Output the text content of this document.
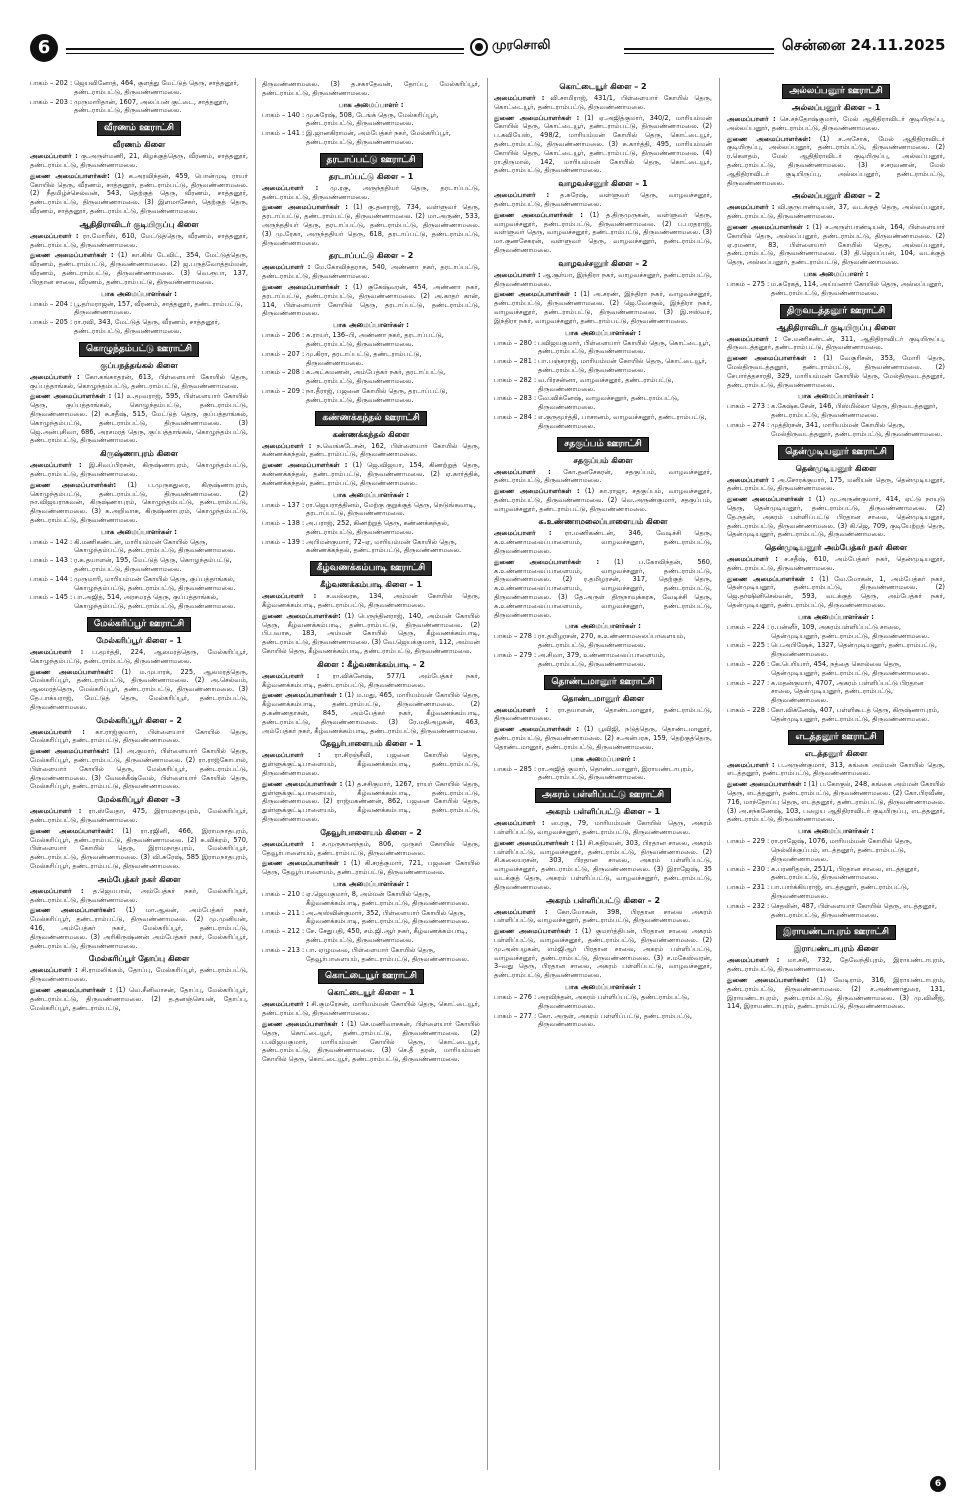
6	முரசொலி	சென்னை 24.11.2025
பாகம் – 202 : ஜெயவினோத், 464, குளத்து மேட்டுத் தெரு, சாத்தனூர், தண்டராம்பட்டு, திருவண்ணாமலை.
பாகம் – 203 : முருமாரிதான், 1607, அலப்பன் குட்டை, சாத்தனூர், தண்டராம்பட்டு, திருவண்ணாமலை.
வீரணம் ஊராட்சி
வீரணம் கிளை
அமைப்பாளர் : கு.அருள்மணி, 21, கிழக்குத்தெரு, வீரணம், சாத்தனூர், தண்டராம்பட்டு, திருவண்ணாமலை.
துணை அமைப்பாளர்கள்: (1) க.அரவிந்தன், 459, பொன்முடி ராயர் கோயில் தெரு, வீரணம், சாத்தனூர், தண்டராம்பட்டு, திருவண்ணாமலை. (2) நீதமிழ்ச்செல்வன், 543, தெற்குத் தெரு, வீரணம், சாத்தனூர், தண்டராம்பட்டு, திருவண்ணாமலை. (3) இளமாசேகர், தெற்குத் தெரு, வீரணம், சாத்தனூர், தண்டராம்பட்டு, திருவண்ணாமலை.
ஆதிதிராவிடர் குடியிருப்பு கிளை
அமைப்பாளர் : ரா.மோரீஸ், 610, மேட்டுத்தெரு, வீரணம், சாத்தனூர், தண்டராம்பட்டு, திருவண்ணாமலை.
துணை அமைப்பாளர்கள் : (1) கா.கிங் டேவிட், 354, மேட்டுத்தெரு, வீரணம், தண்டராம்பட்டு, திருவண்ணாமலை. (2) ஜ.பருத்வோத்தம்மன், வீரணம், தண்டராம்பட்டு, திருவண்ணாமலை. (3) வெ.ரூபா, 137, பிரதான சாலை, வீரணம், தண்டராம்பட்டு, திருவண்ணாமலை.
பாக அமைப்பாளர்கள் :
பாகம் – 204 : பூ.தர்மராஜன், 157, வீரணம், சாத்தனூர், தண்டராம்பட்டு, திருவண்ணாமலை.
பாகம் – 205 : ரா.ரவி, 343, மேட்டுத் தெரு, வீரணம், சாத்தனூர், தண்டராம்பட்டு, திருவண்ணாமலை.
கொழுந்தம்பட்டு ஊராட்சி
குப்பநத்தங்கல் கிளை
அமைப்பாளர் : கோ.கங்காதரன், 613, பிள்ளையார் கோயில் தெரு, குப்பத்தாங்கல், கொழுந்தம்பட்டு, தண்டராம்பட்டு, திருவண்ணாமலை.
துணை அமைப்பாளர்கள் : (1) உ.மூவராஜ், 595, பிள்ளையார் கோயில் தெரு, குப்பத்தாங்கல், கொழுந்தம்பட்டு, தண்டராம்பட்டு, திருவண்ணாமலை. (2) சு.சதீஷ், 515, மேட்டுத் தெரு, குப்பத்தாங்கல், கொழுந்தம்பட்டு, தண்டராம்பட்டு, திருவண்ணாமலை. (3) ஜெ.அன்புசிவா, 686, அரசமரத் தெரு, குப்பத்தாங்கல், கொழுந்தம்பட்டு, தண்டராம்பட்டு, திருவண்ணாமலை.
கிருஷ்ணாபுரம் கிளை
அமைப்பாளர் : இ.சிவப்பிரசன், கிருஷ்ணாபுரம், கொழுந்தம்பட்டு, தண்டராம்பட்டு, திருவண்ணாமலை.
துணை அமைப்பாளர்கள்: (1) ப.முருகதுரை, கிருஷ்ணாபுரம், கொழுந்தம்பட்டு, தண்டராம்பட்டு, திருவண்ணாமலை. (2) நா.விஜயராகவன், கிருஷ்ணாபுரம், கொழுந்தம்பட்டு, தண்டராம்பட்டு, திருவண்ணாமலை. (3) க.அறிவாசு, கிருஷ்ணாபுரம், கொழுந்தம்பட்டு, தண்டராம்பட்டு, திருவண்ணாமலை.
பாக அமைப்பாளர்கள் :
பாகம் – 142 : கி.மணிகண்டன், மாரியம்மன் கோயில் தெரு, கொழுந்தம்பட்டு, தண்டராம்பட்டு, திருவண்ணாமலை.
பாகம் – 143 : ர.க.தயாளன், 195, மேட்டுத் தெரு, கொழுந்தம்பட்டு, தண்டராம்பட்டு, திருவண்ணாமலை.
பாகம் – 144 : முருமாரி, மாரியம்மன் கோயில் தெரு, குப்பத்தாங்கல், கொழுந்தம்பட்டு, தண்டராம்பட்டு, திருவண்ணாமலை.
பாகம் – 145 : பா.அஜித், 514, அரசமரத் தெரு, குப்பத்தாங்கல், கொழுந்தம்பட்டு, தண்டராம்பட்டு, திருவண்ணாமலை.
மேல்கரிப்பூர் ஊராட்சி
மேல்கரிப்பூர் கிளை – 1
அமைப்பாளர் : ப.மூர்த்தி, 224, ஆலமரத்தெரு, மேல்கரிப்பூர், கொழுந்தம்பட்டு, தண்டராம்பட்டு, திருவண்ணாமலை.
துணை அமைப்பாளர்கள்: (1) ம.முபாரக், 225, ஆலமரத்தெரு, மேல்கரிப்பூர், தண்டராம்பட்டு, திருவண்ணாமலை. (2) அ.செல்வம், ஆலமரத்தெரு, மேல்கரிப்பூர், தண்டராம்பட்டு, திருவண்ணாமலை. (3) தே.பாக்யராஜ், மேட்டுத் தெரு, மேல்கரிப்பூர், தண்டராம்பட்டு, திருவண்ணாமலை.
மேல்கரிப்பூர் கிளை – 2
அமைப்பாளர் : கா.ராஜ்குமார், பிள்ளையார் கோயில் தெரு, மேல்கரிப்பூர், தண்டராம்பட்டு, திருவண்ணாமலை.
துணை அமைப்பாளர்கள்: (1) அ.குமார், பிள்ளையார் கோயில் தெரு, மேல்கரிப்பூர், தண்டராம்பட்டு, திருவண்ணாமலை. (2) ரா.ராஜ்கோபால், பிள்ளையார் கோயில் தெரு, மேல்கரிப்பூர், தண்டராம்பட்டு, திருவண்ணாமலை. (3) வேலக்கீஷ்வேல், பிள்ளையார் கோயில் தெரு, மேல்கரிப்பூர், தண்டராம்பட்டு, திருவண்ணாமலை.
மேல்கரிப்பூர் கிளை –3
அமைப்பாளர் : ரா.ஸ்வேதா, 475, இராமநாதபுரம், மேல்கரிப்பூர், தண்டராம்பட்டு, திருவண்ணாமலை.
துணை அமைப்பாளர்கள்: (1) ரா.ரஜினி, 466, இராமநாதபுரம், மேல்கரிப்பூர், தண்டராம்பட்டு, திருவண்ணாமலை. (2) சு.விக்ரம், 570, பிள்ளையார் கோயில் தெரு, இராமநாதபுரம், மேல்கரிப்பூர், தண்டராம்பட்டு, திருவண்ணாமலை. (3) வி.சுரேஷ், 585 இராமநாதபுரம், மேல்கரிப்பூர், தண்டராம்பட்டு, திருவண்ணாமலை.
அம்பேத்கர் நகர் கிளை
அமைப்பாளர் : த.ஜெயபால், அம்பேத்கர் நகர், மேல்கரிப்பூர், தண்டராம்பட்டு, திருவண்ணாமலை.
துணை அமைப்பாளர்கள்: (1) மா.ஆலன், அம்பேத்கர் நகர், மேல்கரிப்பூர், தண்டராம்பட்டு, திருவண்ணாமலை. (2) மு.முனியன், 416, அம்பேத்கர் நகர், மேல்கரிப்பூர், தண்டராம்பட்டு, திருவண்ணாமலை. (3) அரிகிருஷ்ணன் அம்பேத்கர் நகர், மேல்கரிப்பூர், தண்டராம்பட்டு, திருவண்ணாமலை.
மேல்கரிப்பூர் தோப்பு கிளை
அமைப்பாளர் : சி.ராமலிங்கம், தோப்பு, மேல்கரிப்பூர், தண்டராம்பட்டு, திருவண்ணாமலை.
துணை அமைப்பாளர்கள் : (1) வெ.சீனிவாசன், தோப்பு, மேல்கரிப்பூர், தண்டராம்பட்டு, திருவண்ணாமலை. (2) த.தனஞ்செயன், தோப்பு, மேல்கரிப்பூர், தண்டராம்பட்டு,
திருவண்ணாமலை. (3) த.சகாதேவன், தோப்பு, மேல்கரிப்பூர், தண்டராம்பட்டு, திருவண்ணாமலை.
பாக அமைப்பாளர் :
பாகம் – 140 : மு.சுரேஷ், 508, டேங்க் தெரு, மேல்கரிப்பூர், தண்டராம்பட்டு, திருவண்ணாமலை.
பாகம் – 141 : இ.ஜானகிராமன், அம்பேத்கர் நகர், மேல்கரிப்பூர், தண்டராம்பட்டு, திருவண்ணாமலை.
தரடாப்பட்டு ஊராட்சி
தரடாப்பட்டு கிளை – 1
அமைப்பாளர் : மு.ரகு, அருந்ததியர் தெரு, தரடாப்பட்டு, தண்டராம்பட்டு, திருவண்ணாமலை.
துணை அமைப்பாளர்கள் : (1) கு.தனராஜ், 734, வள்ளுவர் தெரு, தரடாப்பட்டு, தண்டராம்பட்டு, திருவண்ணாமலை. (2) மா.அருண், 533, அருந்ததியர் தெரு, தரடாப்பட்டு, தண்டராம்பட்டு, திருவண்ணாமலை. (3) மு.ரேகா, அருந்ததியர் தெரு, 618, தரடாப்பட்டு, தண்டராம்பட்டு, திருவண்ணாமலை.
தரடாப்பட்டு கிளை – 2
அமைப்பாளர் : மே.கோவிந்தராசு, 540, அண்ணா நகர், தரடாப்பட்டு, தண்டராம்பட்டு, திருவண்ணாமலை.
துணை அமைப்பாளர்கள் : (1) குகேஷ்வரன், 454, அண்ணா நகர், தரடாப்பட்டு, தண்டராம்பட்டு, திருவண்ணாமலை. (2) அ.காதர் கான், 114, பிள்ளையார் கோயில் தெரு, தரடாப்பட்டு, தண்டராம்பட்டு, திருவண்ணாமலை.
பாக அமைப்பாளர்கள் :
பாகம் – 206 : சு.ராயர், 136–பி, அண்ணா நகர், தரடாப்பட்டு, தண்டராம்பட்டு, திருவண்ணாமலை.
பாகம் – 207 : மு.கிரா, தரடாப்பட்டு, தண்டராம்பட்டு, திருவண்ணாமலை.
பாகம் – 208 : க.அட்சுமணன், அம்பேத்கர் நகர், தரடாப்பட்டு, தண்டராம்பட்டு, திருவண்ணாமலை.
பாகம் – 209 : நா.தீராஜ், பஜனை கோயில் தெரு, தரடாப்பட்டு, தண்டராம்பட்டு, திருவண்ணாமலை.
கண்ணக்கந்தல் ஊராட்சி
கண்ணக்கந்தல் கிளை
அமைப்பாளர் : ந.வெங்கடேசன், 162, பிள்ளையார் கோயில் தெரு, கண்ணக்கந்தல், தண்டராம்பட்டு, திருவண்ணாமலை.
துணை அமைப்பாளர்கள் : (1) ஜெ.விஜயா, 154, கிணற்றுத் தெரு, கண்ணக்கந்தல், தண்டராம்பட்டு, திருவண்ணாமலை. (2) ஏ.கார்த்திக், கண்ணக்கந்தல், தண்டராம்பட்டு, திருவண்ணாமலை.
பாக அமைப்பாளர்கள் :
பாகம் – 137 : ரா.ஜெயராத்தினம், மேற்கு குறுக்குத் தெரு, நெடுங்கவாடி, தரடாப்பட்டு, திருவண்ணாமலை.
பாகம் – 138 : அ.பராஜ், 252, கிணற்றுத் தெரு, கண்ணக்கந்தல், தண்டராம்பட்டு, திருவண்ணாமலை.
பாகம் – 139 : அபிமன்குமார், 72–ஏ, மாரியம்மன் கோயில் தெரு, கண்ணக்கந்தல், தண்டராம்பட்டு, திருவண்ணாமலை.
கீழ்வணக்கம்பாடி ஊராட்சி
கீழ்வணக்கம்பாடி கிளை – 1
அமைப்பாளர் : ச.வல்லரசு, 134, அம்மன் கோயில் தெரு, கீழ்வணக்கம்பாடி, தண்டராம்பட்டு, திருவண்ணாமலை.
துணை அமைப்பாளர்கள்: (1) பெருந்தினராஜ், 140, அம்மன் கோயில் தெரு, கீழ்வணக்கம்பாடி, தண்டராம்பட்டு, திருவண்ணாமலை. (2) பி.பவாசு, 183, அம்மன் கோயில் தெரு, கீழ்வணக்கம்பாடி, தண்டராம்பட்டு, திருவண்ணாமலை. (3) வே.ஜெயக்குமார், 112, அம்மன் கோயில் தெரு, கீழ்வணக்கம்பாடி, தண்டராம்பட்டு, திருவண்ணாமலை.
கிளை : கீழ்வணக்கம்பாடி – 2
அமைப்பாளர் : ரா.விக்னேஷ், 577/1 அம்பேத்கர் நகர், கீழ்வணக்கம்பாடி, தண்டராம்பட்டு, திருவண்ணாமலை.
துணை அமைப்பாளர்கள் : (1) ம.மது, 465, மாரியம்மன் கோயில் தெரு, கீழ்வணக்கம்பாடி, தண்டராம்பட்டு, திருவண்ணாமலை. (2) த.கண்ணதாசன், 845, அம்பேத்கர் நகர், கீழ்வணக்கம்பாடி, தண்டராம்பட்டு, திருவண்ணாமலை. (3) ரே.மதிஅழகன், 463, அம்பேத்கர் நகர், கீழ்வணக்கம்பாடி, தண்டராம்பட்டு, திருவண்ணாமலை.
தேவூர்பாளையம் கிளை – 1
அமைப்பாளர் : ரா.சிரஞ்சீவி, பஜனை கோயில் தெரு, துள்ளுக்குட்டிபாளையம், கீழ்வணக்கம்பாடி, தண்டராம்பட்டு, திருவண்ணாமலை.
துணை அமைப்பாளர்கள் : (1) த.சசிகுமார், 1267, ராயர் கோயில் தெரு, துள்ளுக்குட்டிபாளையம், கீழ்வணக்கம்பாடி, தண்டராம்பட்டு, திருவண்ணாமலை. (2) ராஜ்மகண்ணன், 862, பஜனை கோயில் தெரு, துள்ளுக்குட்டிபாளையம், கீழ்வணக்கம்பாடி, தண்டராம்பட்டு, திருவண்ணாமலை.
தேவூர்பாளையம் கிளை – 2
அமைப்பாளர் : ச.முருகானந்தம், 806, முருகர் கோயில் தெரு, தேவூர்பாளையம், தண்டராம்பட்டு, திருவண்ணாமலை.
துணை அமைப்பாளர்கள் : (1) கி.சரத்குமார், 721, பஜனை கோயில் தெரு, தேவூர்பாளையம், தண்டராம்பட்டு, திருவண்ணாமலை.
பாக அமைப்பாளர்கள் :
பாகம் – 210 : ஏ.ஜெயகுமார், 8, அம்மன் கோயில் தெரு, கீழ்வணக்கம்பாடி, தண்டராம்பட்டு, திருவண்ணாமலை.
பாகம் – 211 : அ.அஸ்வின்குமார், 352, பிள்ளையார் கோயில் தெரு, கீழ்வணக்கம்பாடி, தண்டராம்பட்டு, திருவண்ணாமலை.
பாகம் – 212 : சே. சேதுபதி, 450, சம்.ஜி.ஆர் நகர், கீழ்வணக்கம்பாடி, தண்டராம்பட்டு, திருவண்ணாமலை.
பாகம் – 213 : பா. ஏழுமலை, பிள்ளையார் கோயில் தெரு, தேவூர்பாளையம், தண்டராம்பட்டு, திருவண்ணாமலை.
கொட்டையூர் ஊராட்சி
கொட்டையூர் கிளை – 1
அமைப்பாளர் : சி.குமரேசன், மாரியம்மன் கோயில் தெரு, கொட்டையூர், தண்டராம்பட்டு, திருவண்ணாமலை.
துணை அமைப்பாளர்கள் : (1) செ.மணிவாசகன், பிள்ளையார் கோயில் தெரு, கொட்டையூர், தண்டராம்பட்டு, திருவண்ணாமலை. (2) ப.விஜயகுமார், மாரியம்மன் கோயில் தெரு, கொட்டையூர், தண்டராம்பட்டு, திருவண்ணாமலை. (3) செ.தீ தரன், மாரியம்மன் கோயில் தெரு, கொட்டையூர், தண்டராம்பட்டு, திருவண்ணாமலை.
கொட்டையூர் கிளை – 2
அமைப்பாளர் : வி.சாமிராஜ், 431/1, பிள்ளையார் கோயில் தெரு, கொட்டையூர், தண்டராம்பட்டு, திருவண்ணாமலை.
துணை அமைப்பாளர்கள் : (1) ஏ.அஜித்குமார், 340/2, மாரியம்மன் கோயில் தெரு, கொட்டையூர், தண்டராம்பட்டு, திருவண்ணாமலை. (2) ப.கவியேஸ், 498/2, மாரியம்மன் கோயில் தெரு, கொட்டையூர், தண்டராம்பட்டு, திருவண்ணாமலை. (3) சு.கார்த்தி, 495, மாரியம்மன் கோயில் தெரு, கொட்டையூர், தண்டராம்பட்டு, திருவண்ணாமலை. (4) ரா.திருமால், 142, மாரியம்மன் கோயில் தெரு, கொட்டையூர், தண்டராம்பட்டு, திருவண்ணாமலை.
வாழவச்சனூர் கிளை – 1
அமைப்பாளர் : த.சுரேஷ், வள்ளுவர் தெரு, வாழவச்சனூர், தண்டராம்பட்டு, திருவண்ணாமலை.
துணை அமைப்பாளர்கள் : (1) த.திருமுருகன், வள்ளுவர் தெரு, வாழவச்சனூர், தண்டராம்பட்டு, திருவண்ணாமலை. (2) ப.பரதராஜ், வள்ளுவர் தெரு, வாழவச்சனூர், தண்டராம்பட்டு, திருவண்ணாமலை. (3) மா.குணசேகரன், வள்ளுவர் தெரு, வாழவச்சனூர், தண்டராம்பட்டு, திருவண்ணாமலை.
வாழவச்சனூர் கிளை – 2
அமைப்பாளர் : ஆ.சூர்யா, இந்திரா நகர், வாழவச்சனூர், தண்டராம்பட்டு, திருவண்ணாமலை.
துணை அமைப்பாளர்கள் : (1) அ.சரண், இந்திரா நகர், வாழவச்சனூர், தண்டராம்பட்டு, திருவண்ணாமலை. (2) ஜெ.வேசகுல், இந்திரா நகர், வாழவச்சனூர், தண்டராம்பட்டு, திருவண்ணாமலை. (3) இ.ஈஸ்வர், இந்திரா நகர், வாழவச்சனூர், தண்டராம்பட்டு, திருவண்ணாமலை.
பாக அமைப்பாளர்கள் :
பாகம் – 280 : பவிஜயகுமார், பிள்ளையார் கோயில் தெரு, கொட்டையூர், தண்டராம்பட்டு, திருவண்ணாமலை.
பாகம் – 281 : பா.பஞ்சராஜ், மாரியம்மன் கோயில் தெரு, கொட்டையூர், தண்டராம்பட்டு, திருவண்ணாமலை.
பாகம் – 282 : வ.பிரசன்னா, வாழவச்சனூர், தண்டராம்பட்டு, திருவண்ணாமலை.
பாகம் – 283 : வே.விக்னேஷ், வாழவச்சனூர், தண்டராம்பட்டு, திருவண்ணாமலை.
பாகம் – 284 : எ.குருமூர்த்தி, பாசானம், வாழவச்சனூர், தண்டராம்பட்டு, திருவண்ணாமலை.
சதகுப்பம் ஊராட்சி
சதகுப்பம் கிளை
அமைப்பாளர் : கோ.தனசேகரன், சதகுப்பம், வாழவச்சனூர், தண்டராம்பட்டு, திருவண்ணாமலை.
துணை அமைப்பாளர்கள் : (1) கா.ராஜா, சதகுப்பம், வாழவச்சனூர், தண்டராம்பட்டு, திருவண்ணாமலை. (2) வெ.அருண்குமார், சதகுப்பம், வாழவச்சனூர், தண்டராம்பட்டு, திருவண்ணாமலை.
க.உண்ணாமலைப்பாளையம் கிளை
அமைப்பாளர் : ரா.மணிகண்டன், 346, வேடிச்சி தெரு, க.உண்ணாமலைப்பாளையம், வாழவச்சனூர், தண்டராம்பட்டு, திருவண்ணாமலை.
துணை அமைப்பாளர்கள் : (1) ப.கோவிந்தன், 560, க.உண்ணாமலைப்பாளையம், வாழவச்சனூர், தண்டராம்பட்டு, திருவண்ணாமலை. (2) ர.தமிழரசன், 317, தெற்குத் தெரு, க.உண்ணாமலைப்பாளையம், வாழவச்சனூர், தண்டராம்பட்டு, திருவண்ணாமலை. (3) தே.அருள் திருநாவுக்கரசு, வேடிச்சி தெரு, க.உண்ணாமலைப்பாளையம், வாழவச்சனூர், தண்டராம்பட்டு, திருவண்ணாமலை.
பாக அமைப்பாளர்கள் :
பாகம் – 278 : ரா.தமிழரசன், 270, க.உண்ணாமலைப்பாளையம், தண்டராம்பட்டு, திருவண்ணாமலை.
பாகம் – 279 : அ.சிவா, 379, உண்ணாமலைப்பாளையம், தண்டராம்பட்டு, திருவண்ணாமலை.
தொண்டமானூர் ஊராட்சி
தொண்டமானூர் கிளை
அமைப்பாளர் : ரா.தயாளன், தொண்டமானூர், தண்டராம்பட்டு, திருவண்ணாமலை.
துணை அமைப்பாளர்கள் : (1) பூவிஜி, நடுத்தெரு, தொண்டமானூர், தண்டராம்பட்டு, திருவண்ணாமலை. (2) ச.அன்பரசு, 159, தெற்குத்தெரு, தொண்டமானூர், தண்டராம்பட்டு, திருவண்ணாமலை.
பாக அமைப்பாளர் :
பாகம் – 285 : ரா.அஜித் குமார், தொண்டமானூர், இராயண்டாபுரம், தண்டராம்பட்டு, திருவண்ணாமலை.
அகரம் பள்ளிப்பட்டு ஊராட்சி
அகரம் பள்ளிப்பட்டு கிளை – 1
அமைப்பாளர் : ஸ.ரகு, 79, மாரியம்மன் கோயில் தெரு, அகரம் பள்ளிப்பட்டு, வாழவச்சனூர், தண்டராம்பட்டு, திருவண்ணாமலை.
துணை அமைப்பாளர்கள் : (1) சி.சுதிரவன், 303, பிரதான சாலை, அகரம் பள்ளிப்பட்டு, வாழவச்சனூர், தண்டராம்பட்டு, திருவண்ணாமலை. (2) சி.கலையரசன், 303, பிரதான சாலை, அகரம் பள்ளிப்பட்டு, வாழவச்சனூர், தண்டராம்பட்டு, திருவண்ணாமலை. (3) இராஜேஷ், 35 வடக்குத் தெரு, அகரம் பள்ளிப்பட்டு, வாழவச்சனூர், தண்டராம்பட்டு, திருவண்ணாமலை.
அகரம் பள்ளிப்பட்டு கிளை – 2
அமைப்பாளர் : கோ.மோகன், 398, பிரதான சாலை அகரம் பள்ளிப்பட்டு, வாழவச்சனூர், தண்டராம்பட்டு, திருவண்ணாமலை.
துணை அமைப்பாளர்கள் : (1) குமார்த்திபன், பிரதான சாலை அகரம் பள்ளிப்பட்டு, வாழவச்சனூர், தண்டராம்பட்டு, திருவண்ணாமலை. (2) மு.அன்பழகன், எம்ஜிஆர் பிரதான சாலை, அகரம் பள்ளிப்பட்டு, வாழவச்சனூர், தண்டராம்பட்டு, திருவண்ணாமலை. (3) ச.மகேஸ்வரன், 3–வது தெரு, பிரதான சாலை, அகரம் பள்ளிப்பட்டு, வாழவச்சனூர், தண்டராம்பட்டு, திருவண்ணாமலை.
பாக அமைப்பாளர்கள் :
பாகம் – 276 : அரவிந்தன், அகரம் பள்ளிப்பட்டு, தண்டராம்பட்டு, திருவண்ணாமலை.
பாகம் – 277 : கோ. அருள், அகரம் பள்ளிப்பட்டு, தண்டராம்பட்டு, திருவண்ணாமலை.
அல்லப்பனூர் ஊராட்சி
அல்லப்பனூர் கிளை – 1
அமைப்பாளர் : செ.சந்தோஷ்குமார், மேல் ஆதிதிராவிடர் குடியிருப்பு, அல்லப்பனூர், தண்டராம்பட்டு, திருவண்ணாமலை.
துணை அமைப்பாளர்கள்: (1) ச.அசோக், மேல் ஆதிதிராவிடர் குடியிருப்பு, அல்லப்பனூர், தண்டராம்பட்டு, திருவண்ணாமலை. (2) ர.கௌதம், மேல் ஆதிதிராவிடர் குடியிருப்பு, அல்லப்பனூர், தண்டராம்பட்டு, திருவண்ணாமலை. (3) ச.சரவணன், மேல் ஆதிதிராவிடர் குடியிருப்பு, அல்லப்பனூர், தண்டராம்பட்டு, திருவண்ணாமலை.
அல்லப்பனூர் கிளை – 2
அமைப்பாளர் : வி.குருபாண்டியன், 37, வடக்குத் தெரு, அல்லப்பனூர், தண்டராம்பட்டு, திருவண்ணாமலை.
துணை அமைப்பாளர்கள் : (1) ச.அருள்பாண்டியன், 164, பிள்ளையார் கோயில் தெரு, அல்லப்பனூர், தண்டராம்பட்டு, திருவண்ணாமலை. (2) ஏ.ரமணா, 83, பிள்ளையார் கோயில் தெரு, அல்லப்பனூர், தண்டராம்பட்டு, திருவண்ணாமலை. (3) தி.ஜெயப்பன், 104, வடக்குத் தெரு, அல்லப்பனூர், தண்டராம்பட்டு, திருவண்ணாமலை.
பாக அமைப்பாளர் :
பாகம் – 275 : ம.சுரேகத், 114, அய்யனார் கோயில் தெரு, அல்லப்பனூர், தண்டராம்பட்டு, திருவண்ணாமலை.
திருவடத்தனூர் ஊராட்சி
ஆதிதிராவிடர் குடியிருப்பு கிளை
அமைப்பாளர் : சே.மணிகண்டன், 311, ஆதிதிராவிடர் குடியிருப்பு, திருவடத்தனூர், தண்டராம்பட்டு, திருவண்ணாமலை.
துணை அமைப்பாளர்கள் : (1) வேகுரிசன், 353, மோரி தெரு, மேல்திருவடத்தனூர், தண்டராம்பட்டு, திருவண்ணாமலை. (2) சேபார்த்தசாரதி, 329, மாரியம்மன் கோயில் தெரு, மேல்திருவடத்தனூர், தண்டராம்பட்டு, திருவண்ணாமலை.
பாக அமைப்பாளர்கள் :
பாகம் – 273 : க.கேஷ்க.சேன், 146, பிஸ்மில்லா தெரு, திருவடத்தனூர், தண்டராம்பட்டு, திருவண்ணாமலை.
பாகம் – 274 : முத்திரசன், 341, மாரியம்மன் கோயில் தெரு, மேல்திருவடத்தனூர், தண்டராம்பட்டு, திருவண்ணாமலை.
தென்முடியனூர் ஊராட்சி
தென்முடியனூர் கிளை
அமைப்பாளர் : அ.சோரக்குமார், 175, மனியன் தெரு, தென்முடியனூர், தண்டராம்பட்டு, திருவண்ணாமலை.
துணை அமைப்பாளர்கள் : (1) மு.அருண்குமார், 414, ஏட்டு நாயுடு தெரு, தென்முடியனூர், தண்டராம்பட்டு, திருவண்ணாமலை. (2) தே.நதன், அகரம் பள்ளிப்பட்டு பிரதான சாலை, தென்முடியனூர், தண்டராம்பட்டு, திருவண்ணாமலை. (3) கி.ஜெ, 709, குடியேற்றத் தெரு, தென்முடியனூர், தண்டராம்பட்டு, திருவண்ணாமலை.
தென்முடியனூர் அம்பேத்கர் நகர் கிளை
அமைப்பாளர் : ச.சதீஷ், 610, அம்பேத்கர் நகர், தென்முடியனூர், தண்டராம்பட்டு, திருவண்ணாமலை.
துணை அமைப்பாளர்கள் : (1) வே.மோகன், 1, அம்பேத்கர் நகர், தென்முடியனூர், தண்டராம்பட்டு, திருவண்ணாமலை. (2) ஜெ.தர்ஷினிசெல்வன், 593, வடக்குத் தெரு, அம்பேத்கர் நகர், தென்முடியனூர், தண்டராம்பட்டு, திருவண்ணாமலை.
பாக அமைப்பாளர்கள் :
பாகம் – 224 : ர.பன்னீர், 109, அகரம்பள்ளிப்பட்டு சாலை, தென்முடியனூர், தண்டராம்பட்டு, திருவண்ணாமலை.
பாகம் – 225 : பெ.அபிஷேக், 1327, தென்முடியனூர், தண்டராம்பட்டு, திருவண்ணாமலை.
பாகம் – 226 : கே.பெரியார், 454, நத்தை கொல்லை தெரு, தென்முடியனூர், தண்டராம்பட்டு, திருவண்ணாமலை.
பாகம் – 227 : க.மதன்குமார், 4707, அகரம் பள்ளிப்பட்டு பிரதான சாலை, தென்முடியனூர், தண்டராம்பட்டு, திருவண்ணாமலை.
பாகம் – 228 : கோ.விக்னேஷ், 407, பள்ளிகூடத் தெரு, கிருஷ்ணாபுரம், தென்முடியனூர், தண்டராம்பட்டு, திருவண்ணாமலை.
எடத்தனூர் ஊராட்சி
எடத்தனூர் கிளை
அமைப்பாளர் : ப.அருண்குமார், 313, கங்கை அம்மன் கோயில் தெரு, எடத்தனூர், தண்டராம்பட்டு, திருவண்ணாமலை.
துணை அமைப்பாளர்கள் : (1) ப.கோகுல், 248, கங்கை அம்மன் கோயில் தெரு, எடத்தனூர், தண்டராம்பட்டு, திருவண்ணாமலை. (2) கோ.பிரவீண், 716, மாந்தோப்பு தெரு, எடத்தனூர், தண்டராம்பட்டு, திருவண்ணாமலை. (3) அ.சந்கணேஷ், 103, பழைய ஆதிதிராவிடர் குடியிருப்பு, எடத்தனூர், தண்டராம்பட்டு, திருவண்ணாமலை.
பாக அமைப்பாளர்கள் :
பாகம் – 229 : ரா.ராஜேஷ், 1076, மாரியம்மன் கோயில் தெரு, நெல்லிக்குப்பம், எடத்தனூர், தண்டராம்பட்டு, திருவண்ணாமலை.
பாகம் – 230 : க.பரணிதரன், 251/1, பிரதான சாலை, எடத்தனூர், தண்டராம்பட்டு, திருவண்ணாமலை.
பாகம் – 231 : பா.பார்க்கியராஜ், எடத்தனூர், தண்டராம்பட்டு, திருவண்ணாமலை.
பாகம் – 232 : செதலின், 487, பிள்ளையார் கோயில் தெரு, எடத்தனூர், தண்டராம்பட்டு, திருவண்ணாமலை.
இராயண்டாபுரம் ஊராட்சி
இராயண்டாபுரம் கிளை
அமைப்பாளர் : மா.சசி, 732, தேவேந்திபுரம், இராயண்டாபுரம், தண்டராம்பட்டு, திருவண்ணாமலை.
துணை அமைப்பாளர்கள்: (1) வேடிராம், 316, இராயண்டாபுரம், தண்டராம்பட்டு, திருவண்ணாமலை. (2) ச.அண்ணாதுரை, 131, இராயண்டாபுரம், தண்டராம்பட்டு, திருவண்ணாமலை. (3) மு.வினீஜ், 114, இராயண்டாபுரம், தண்டராம்பட்டு, திருவண்ணாமலை.
6
